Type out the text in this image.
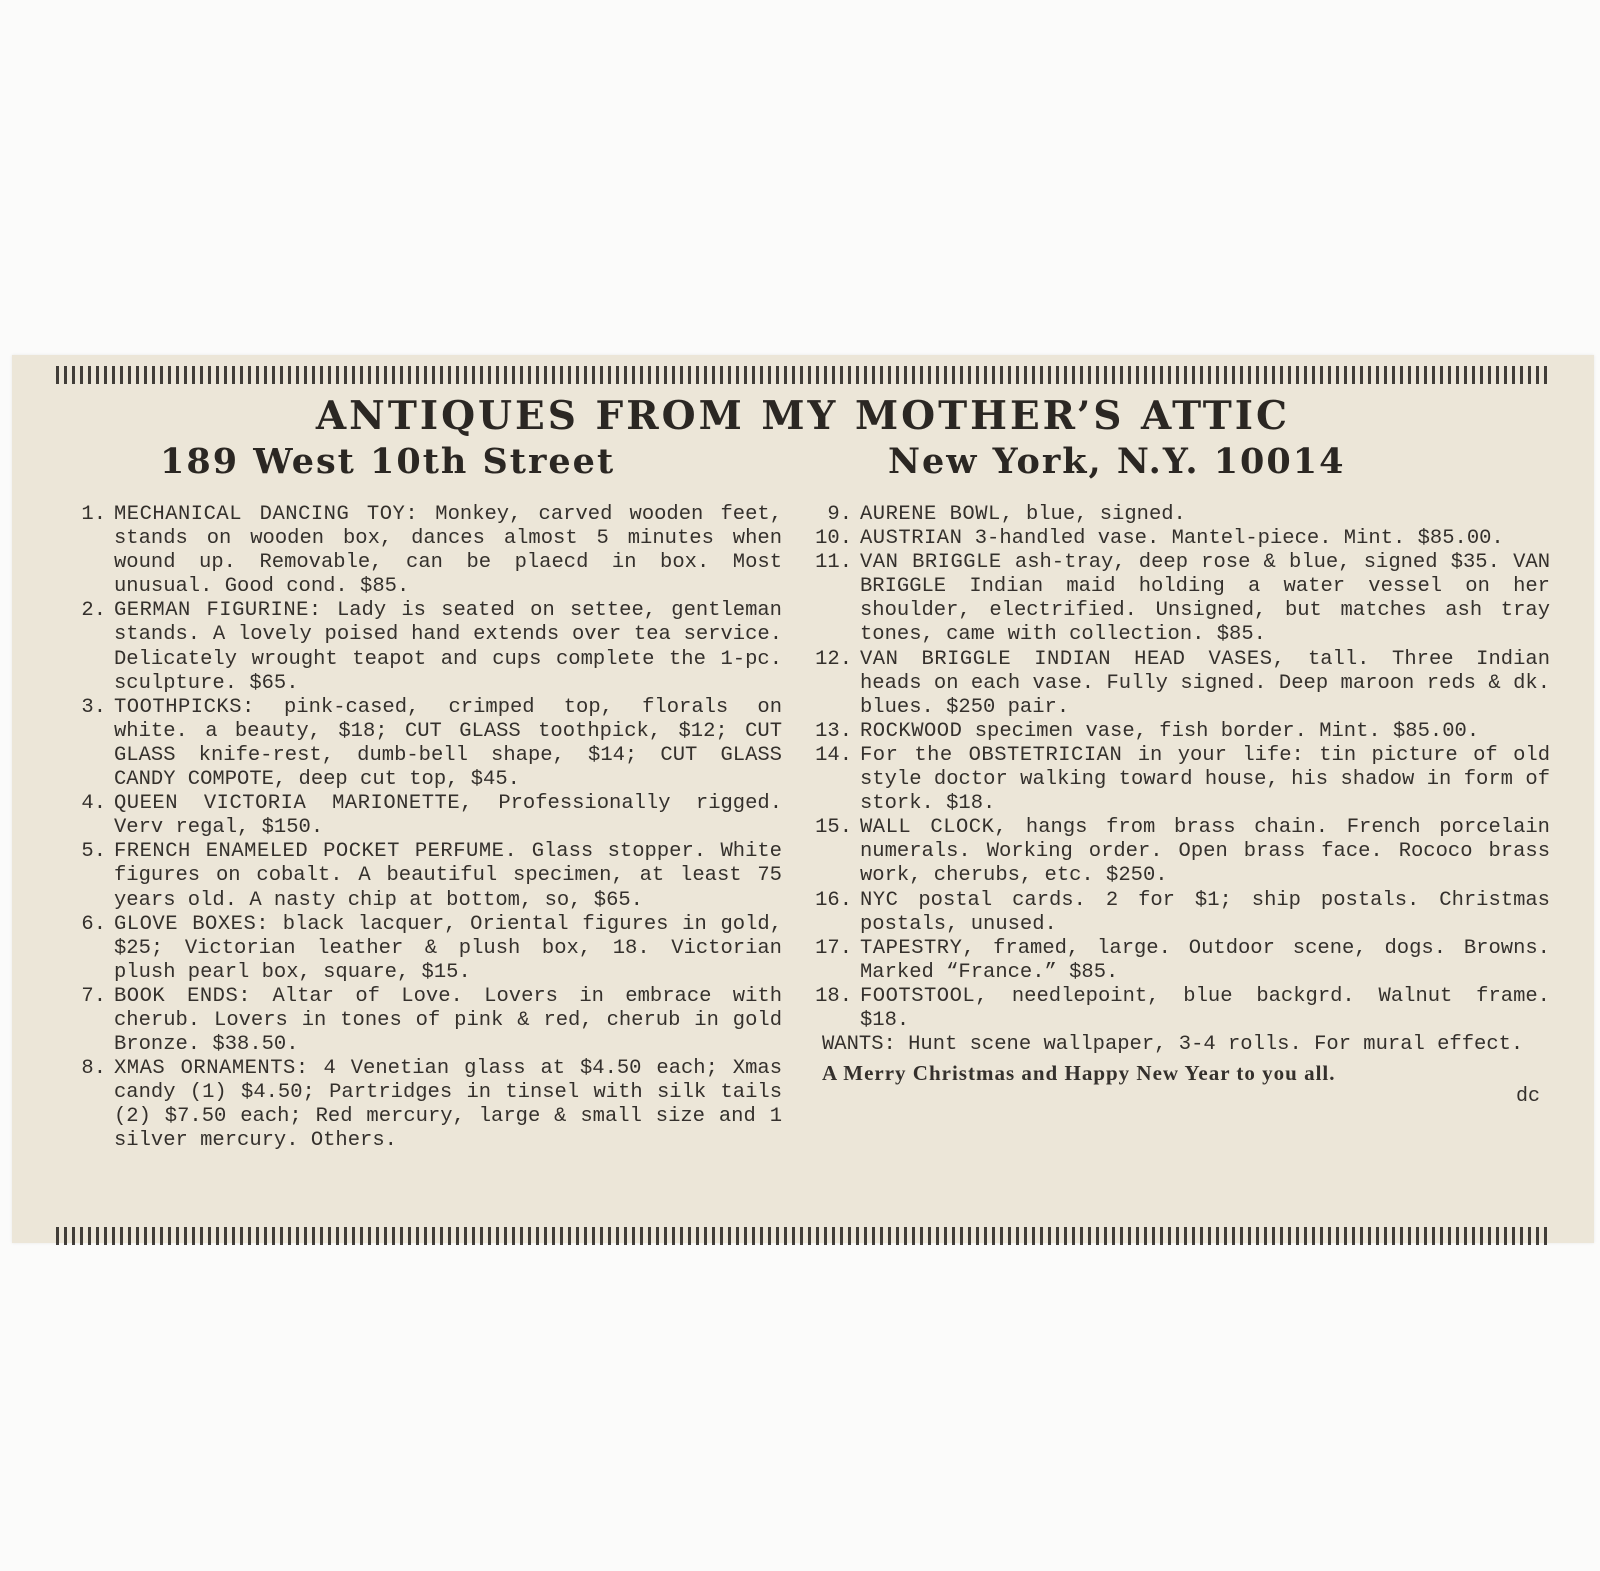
ANTIQUES FROM MY MOTHER’S ATTIC
189 West 10th Street	New York, N.Y. 10014
1. MECHANICAL DANCING TOY: Monkey, carved wooden feet, stands on wooden box, dances almost 5 minutes when wound up. Removable, can be plaecd in box. Most unusual. Good cond. $85.
2. GERMAN FIGURINE: Lady is seated on settee, gentleman stands. A lovely poised hand extends over tea service. Delicately wrought teapot and cups complete the 1-pc. sculpture. $65.
3. TOOTHPICKS: pink-cased, crimped top, florals on white. a beauty, $18; CUT GLASS toothpick, $12; CUT GLASS knife-rest, dumb-bell shape, $14; CUT GLASS CANDY COMPOTE, deep cut top, $45.
4. QUEEN VICTORIA MARIONETTE, Professionally rigged. Verv regal, $150.
5. FRENCH ENAMELED POCKET PERFUME. Glass stopper. White figures on cobalt. A beautiful specimen, at least 75 years old. A nasty chip at bottom, so, $65.
6. GLOVE BOXES: black lacquer, Oriental figures in gold, $25; Victorian leather & plush box, 18. Victorian plush pearl box, square, $15.
7. BOOK ENDS: Altar of Love. Lovers in embrace with cherub. Lovers in tones of pink & red, cherub in gold Bronze. $38.50.
8. XMAS ORNAMENTS: 4 Venetian glass at $4.50 each; Xmas candy (1) $4.50; Partridges in tinsel with silk tails (2) $7.50 each; Red mercury, large & small size and 1 silver mercury. Others.
9. AURENE BOWL, blue, signed.
10. AUSTRIAN 3-handled vase. Mantel-piece. Mint. $85.00.
11. VAN BRIGGLE ash-tray, deep rose & blue, signed $35. VAN BRIGGLE Indian maid holding a water vessel on her shoulder, electrified. Unsigned, but matches ash tray tones, came with collection. $85.
12. VAN BRIGGLE INDIAN HEAD VASES, tall. Three Indian heads on each vase. Fully signed. Deep maroon reds & dk. blues. $250 pair.
13. ROCKWOOD specimen vase, fish border. Mint. $85.00.
14. For the OBSTETRICIAN in your life: tin picture of old style doctor walking toward house, his shadow in form of stork. $18.
15. WALL CLOCK, hangs from brass chain. French porcelain numerals. Working order. Open brass face. Rococo brass work, cherubs, etc. $250.
16. NYC postal cards. 2 for $1; ship postals. Christmas postals, unused.
17. TAPESTRY, framed, large. Outdoor scene, dogs. Browns. Marked “France.” $85.
18. FOOTSTOOL, needlepoint, blue backgrd. Walnut frame. $18.
WANTS: Hunt scene wallpaper, 3-4 rolls. For mural effect.
A Merry Christmas and Happy New Year to you all.
dc
